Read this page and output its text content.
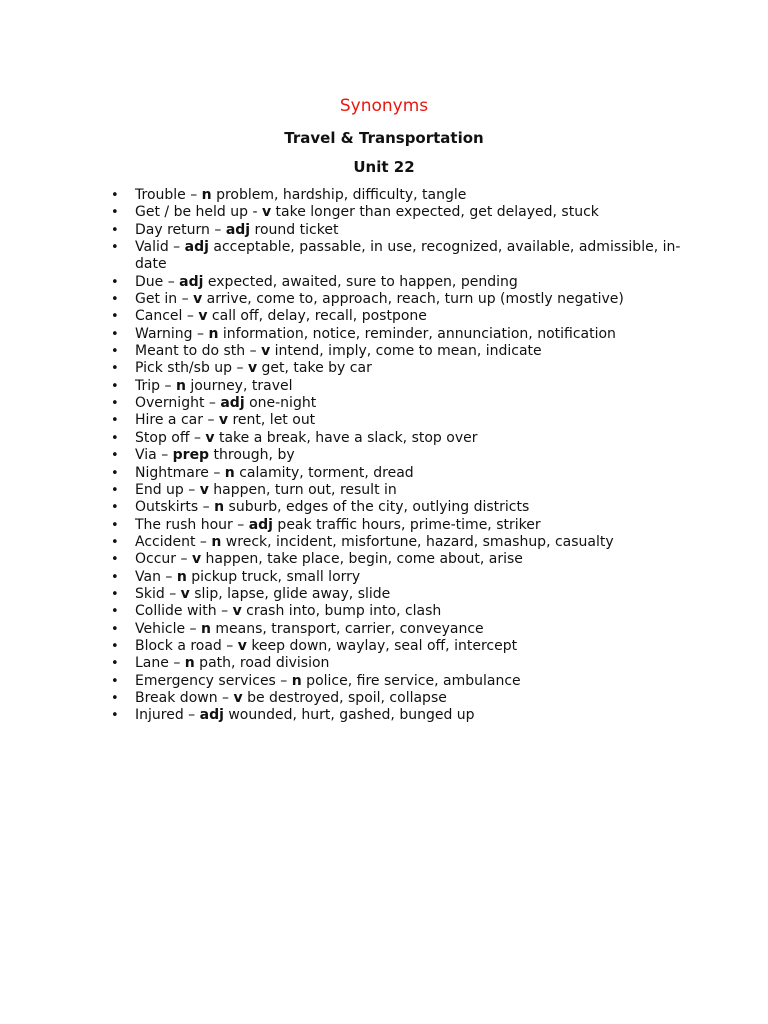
Synonyms
Travel & Transportation
Unit 22
• Trouble – n problem, hardship, difficulty, tangle
• Get / be held up - v take longer than expected, get delayed, stuck
• Day return – adj round ticket
• Valid – adj acceptable, passable, in use, recognized, available, admissible, in-date
• Due – adj expected, awaited, sure to happen, pending
• Get in – v arrive, come to, approach, reach, turn up (mostly negative)
• Cancel – v call off, delay, recall, postpone
• Warning – n information, notice, reminder, annunciation, notification
• Meant to do sth – v intend, imply, come to mean, indicate
• Pick sth/sb up – v get, take by car
• Trip – n journey, travel
• Overnight – adj one-night
• Hire a car – v rent, let out
• Stop off – v take a break, have a slack, stop over
• Via – prep through, by
• Nightmare – n calamity, torment, dread
• End up – v happen, turn out, result in
• Outskirts – n suburb, edges of the city, outlying districts
• The rush hour – adj peak traffic hours, prime-time, striker
• Accident – n wreck, incident, misfortune, hazard, smashup, casualty
• Occur – v happen, take place, begin, come about, arise
• Van – n pickup truck, small lorry
• Skid – v slip, lapse, glide away, slide
• Collide with – v crash into, bump into, clash
• Vehicle – n means, transport, carrier, conveyance
• Block a road – v keep down, waylay, seal off, intercept
• Lane – n path, road division
• Emergency services – n police, fire service, ambulance
• Break down – v be destroyed, spoil, collapse
• Injured – adj wounded, hurt, gashed, bunged up
